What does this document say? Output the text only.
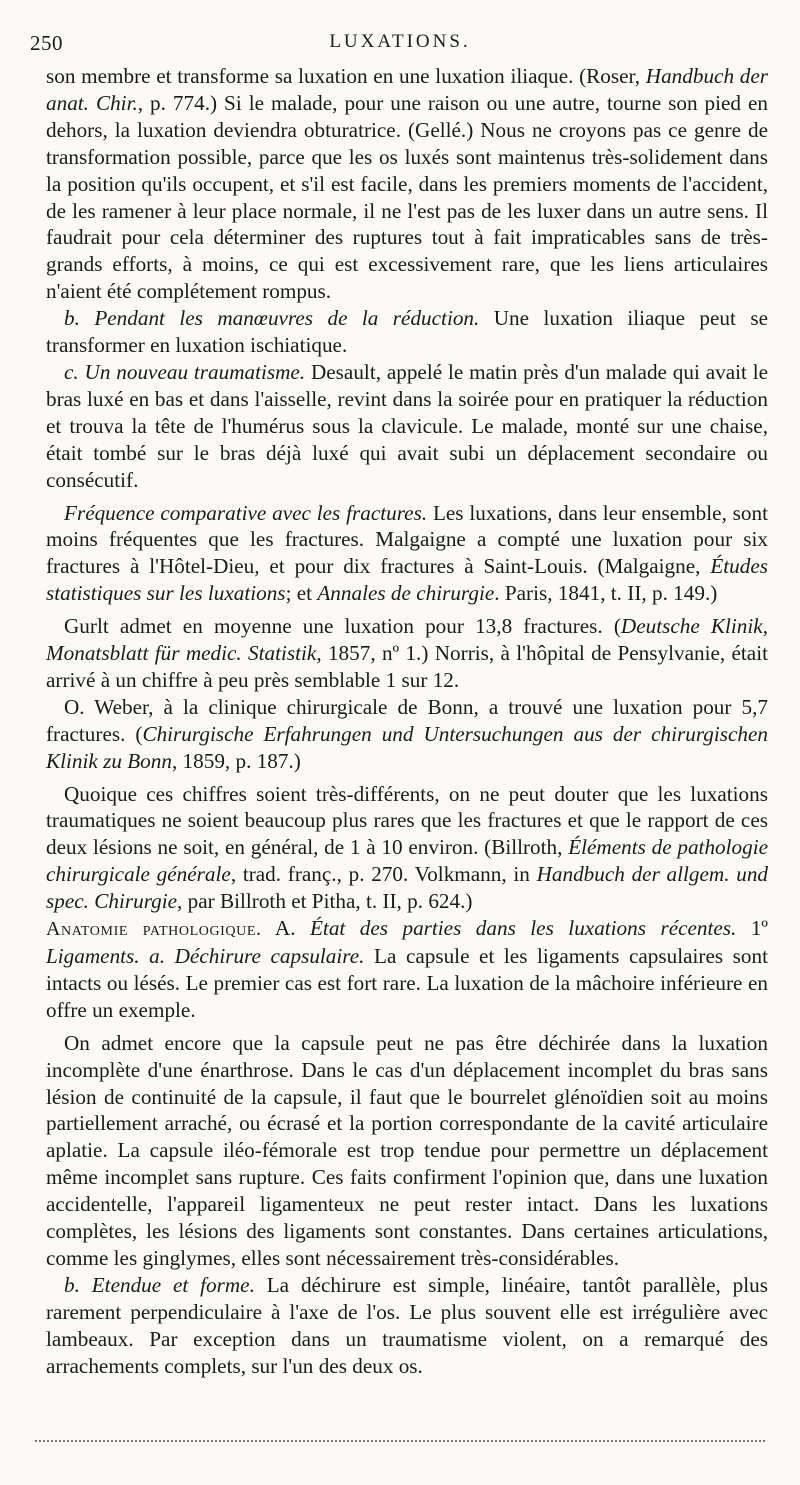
250	LUXATIONS.

son membre et transforme sa luxation en une luxation iliaque. (Roser, Handbuch der anat. Chir., p. 774.) Si le malade, pour une raison ou une autre, tourne son pied en dehors, la luxation deviendra obturatrice. (Gellé.) Nous ne croyons pas ce genre de transformation possible, parce que les os luxés sont maintenus très-solidement dans la position qu'ils occupent, et s'il est facile, dans les premiers moments de l'accident, de les ramener à leur place normale, il ne l'est pas de les luxer dans un autre sens. Il faudrait pour cela déterminer des ruptures tout à fait impraticables sans de très-grands efforts, à moins, ce qui est excessivement rare, que les liens articulaires n'aient été complétement rompus.

b. Pendant les manœuvres de la réduction. Une luxation iliaque peut se transformer en luxation ischiatique.

c. Un nouveau traumatisme. Desault, appelé le matin près d'un malade qui avait le bras luxé en bas et dans l'aisselle, revint dans la soirée pour en pratiquer la réduction et trouva la tête de l'humérus sous la clavicule. Le malade, monté sur une chaise, était tombé sur le bras déjà luxé qui avait subi un déplacement secondaire ou consécutif.

Fréquence comparative avec les fractures. Les luxations, dans leur ensemble, sont moins fréquentes que les fractures. Malgaigne a compté une luxation pour six fractures à l'Hôtel-Dieu, et pour dix fractures à Saint-Louis. (Malgaigne, Études statistiques sur les luxations; et Annales de chirurgie. Paris, 1841, t. II, p. 149.)

Gurlt admet en moyenne une luxation pour 13,8 fractures. (Deutsche Klinik, Monatsblatt für medic. Statistik, 1857, nº 1.) Norris, à l'hôpital de Pensylvanie, était arrivé à un chiffre à peu près semblable 1 sur 12.

O. Weber, à la clinique chirurgicale de Bonn, a trouvé une luxation pour 5,7 fractures. (Chirurgische Erfahrungen und Untersuchungen aus der chirurgischen Klinik zu Bonn, 1859, p. 187.)

Quoique ces chiffres soient très-différents, on ne peut douter que les luxations traumatiques ne soient beaucoup plus rares que les fractures et que le rapport de ces deux lésions ne soit, en général, de 1 à 10 environ. (Billroth, Éléments de pathologie chirurgicale générale, trad. franç., p. 270. Volkmann, in Handbuch der allgem. und spec. Chirurgie, par Billroth et Pitha, t. II, p. 624.)

Anatomie pathologique. A. État des parties dans les luxations récentes. 1º Ligaments. a. Déchirure capsulaire. La capsule et les ligaments capsulaires sont intacts ou lésés. Le premier cas est fort rare. La luxation de la mâchoire inférieure en offre un exemple.

On admet encore que la capsule peut ne pas être déchirée dans la luxation incomplète d'une énarthrose. Dans le cas d'un déplacement incomplet du bras sans lésion de continuité de la capsule, il faut que le bourrelet glénoïdien soit au moins partiellement arraché, ou écrasé et la portion correspondante de la cavité articulaire aplatie. La capsule iléo-fémorale est trop tendue pour permettre un déplacement même incomplet sans rupture. Ces faits confirment l'opinion que, dans une luxation accidentelle, l'appareil ligamenteux ne peut rester intact. Dans les luxations complètes, les lésions des ligaments sont constantes. Dans certaines articulations, comme les ginglymes, elles sont nécessairement très-considérables.

b. Etendue et forme. La déchirure est simple, linéaire, tantôt parallèle, plus rarement perpendiculaire à l'axe de l'os. Le plus souvent elle est irrégulière avec lambeaux. Par exception dans un traumatisme violent, on a remarqué des arrachements complets, sur l'un des deux os.
